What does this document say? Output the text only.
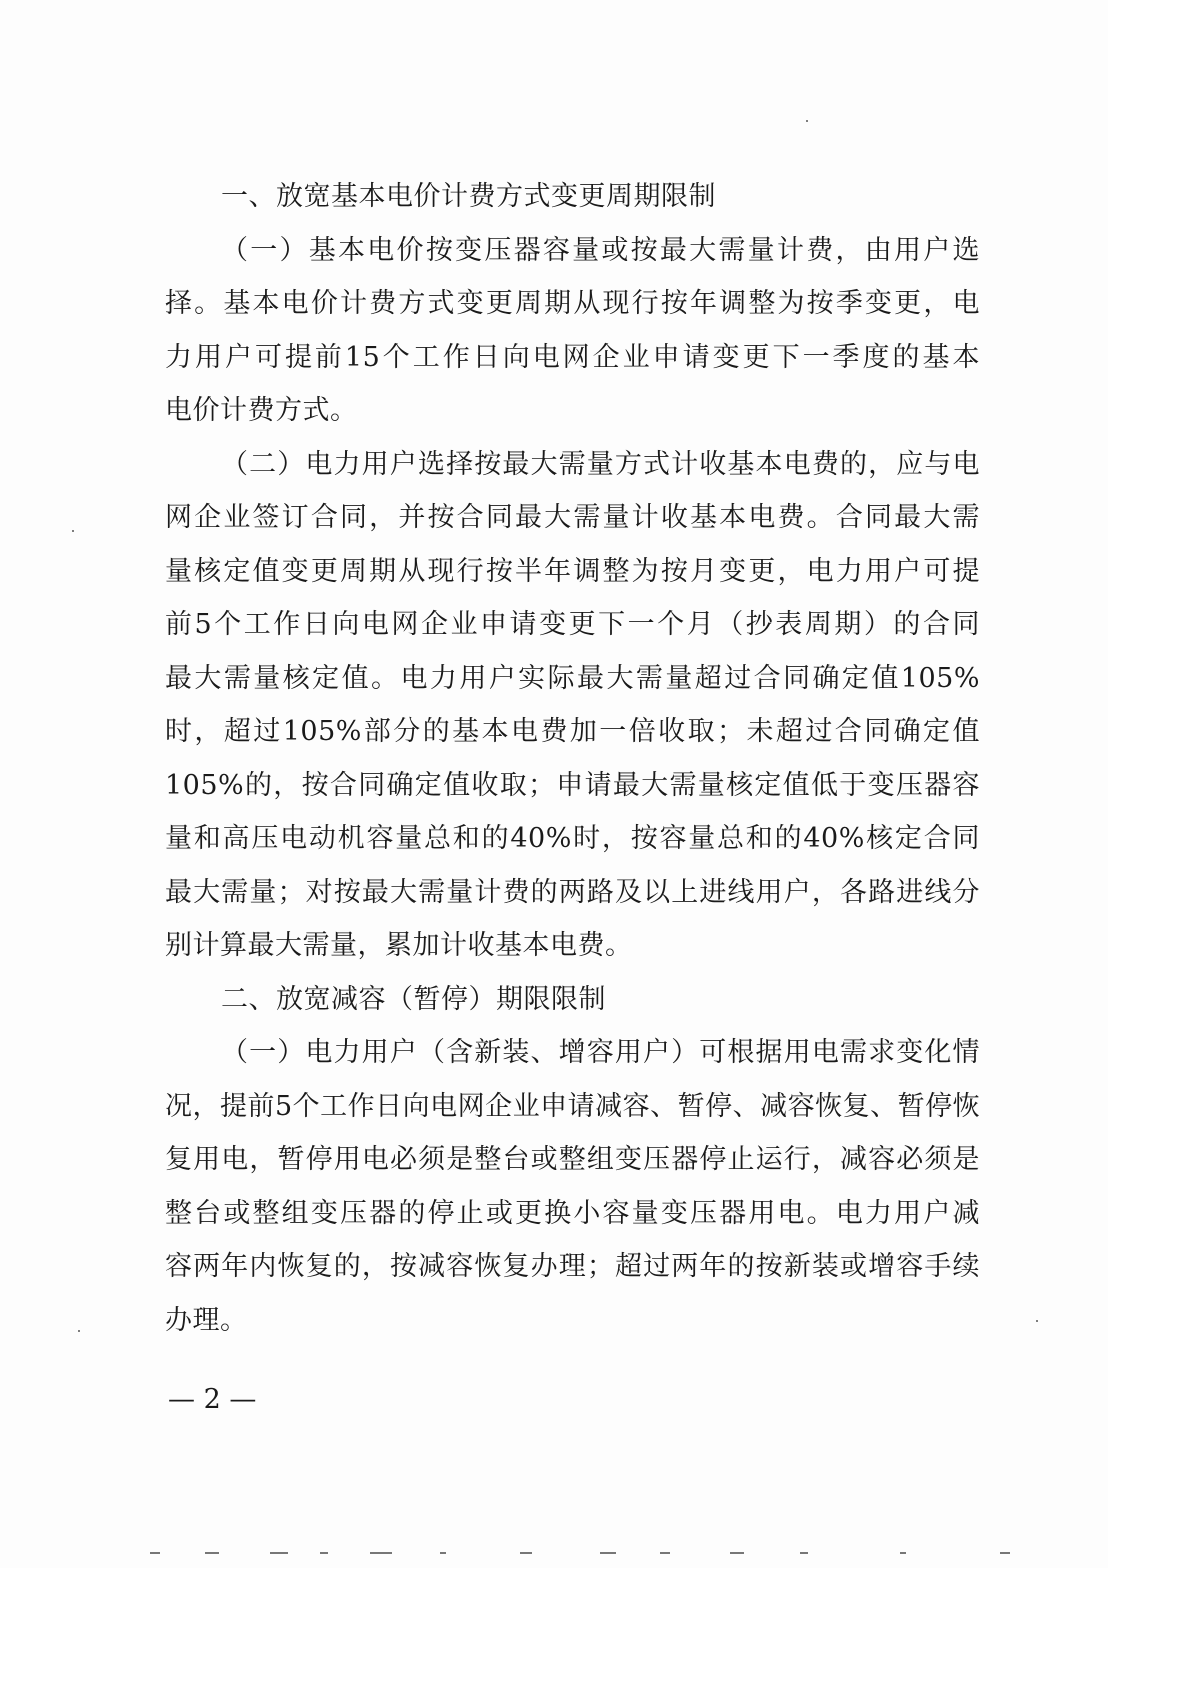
一、放宽基本电价计费方式变更周期限制
（一）基本电价按变压器容量或按最大需量计费，由用户选
择。基本电价计费方式变更周期从现行按年调整为按季变更，电
力用户可提前15个工作日向电网企业申请变更下一季度的基本
电价计费方式。
（二）电力用户选择按最大需量方式计收基本电费的，应与电
网企业签订合同，并按合同最大需量计收基本电费。合同最大需
量核定值变更周期从现行按半年调整为按月变更，电力用户可提
前5个工作日向电网企业申请变更下一个月（抄表周期）的合同
最大需量核定值。电力用户实际最大需量超过合同确定值105%
时，超过105%部分的基本电费加一倍收取；未超过合同确定值
105%的，按合同确定值收取；申请最大需量核定值低于变压器容
量和高压电动机容量总和的40%时，按容量总和的40%核定合同
最大需量；对按最大需量计费的两路及以上进线用户，各路进线分
别计算最大需量，累加计收基本电费。
二、放宽减容（暂停）期限限制
（一）电力用户（含新装、增容用户）可根据用电需求变化情
况，提前5个工作日向电网企业申请减容、暂停、减容恢复、暂停恢
复用电，暂停用电必须是整台或整组变压器停止运行，减容必须是
整台或整组变压器的停止或更换小容量变压器用电。电力用户减
容两年内恢复的，按减容恢复办理；超过两年的按新装或增容手续
办理。
— 2 —
